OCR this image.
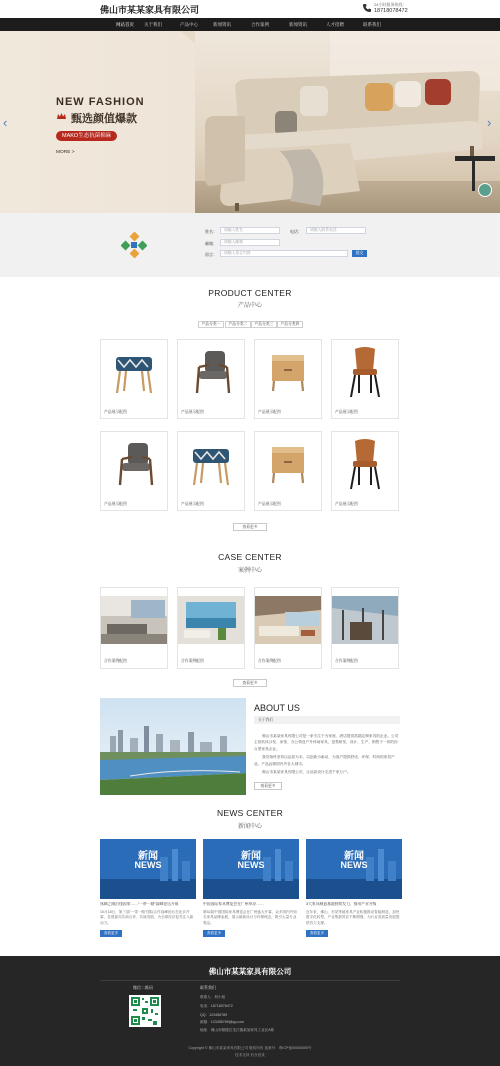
佛山市某某家具有限公司
24小时服务热线：
18718078472
网站首页	关于我们	产品中心	新闻资讯	合作案例	新闻资讯	人才招聘	联系我们
NEW FASHION
甄选颜值爆款
MAKO生态抗菌棉麻
MORE >
‹	›
姓名：	请输入姓名	电话：	请输入联系电话
邮箱：	请输入邮箱
留言：	请输入留言内容	提交
PRODUCT CENTER
产品中心
产品分类一	产品分类二	产品分类三	产品分类四
产品展示配图	产品展示配图	产品展示配图	产品展示配图
产品展示配图	产品展示配图	产品展示配图	产品展示配图
查看更多
CASE CENTER
案例中心
合作案例配图	合作案例配图	合作案例配图	合作案例配图
查看更多
ABOUT US
关于我们

佛山市某某家具有限公司是一家专注于为家庭、酒店提供高端定制家具的企业。公司主营软体沙发、床垫、办公椅及户外休闲家具，是集研发、设计、生产、销售于一体的综合型家具企业。

我们始终坚持以品质为本，以创新为驱动，为客户提供舒适、环保、时尚的家居产品，产品远销国内外各大城市。

佛山市某某家具有限公司，让品质设计走进千家万户。

查看更多
NEWS CENTER
新闻中心
新闻
NEWS
丝绸之路沿线国家……“一带一路”高峰论坛开幕
10月18日，第三届“一带一路”国际合作高峰论坛在北京开幕，各国嘉宾共商合作、共谋发展，为全球经济复苏注入新动力。
查看更多
新闻
NEWS
中国国际家具博览会在广州举办……
第52届中国国际家具博览会在广州盛大开幕，众多国内外知名家具品牌参展，展示最新设计与环保理念，吸引大量专业观众。
查看更多
新闻
NEWS
3大家具制造基地持续发力，推动产业升级
近年来，佛山、东莞等地家具产业积极推动智能制造，加快数字化转型，产业集群效应不断增强，为行业高质量发展提供有力支撑。
查看更多
佛山市某某家具有限公司
微信二维码	联系我们
联系人：何小姐
电话：18718078472
QQ：123456789
邮箱：123456789@qq.com
地址：佛山市顺德区龙江镇某某家具工业区A栋
Copyright © 佛山市某某家具有限公司 版权所有 备案号：粤ICP备00000000号
技术支持 后台登录
